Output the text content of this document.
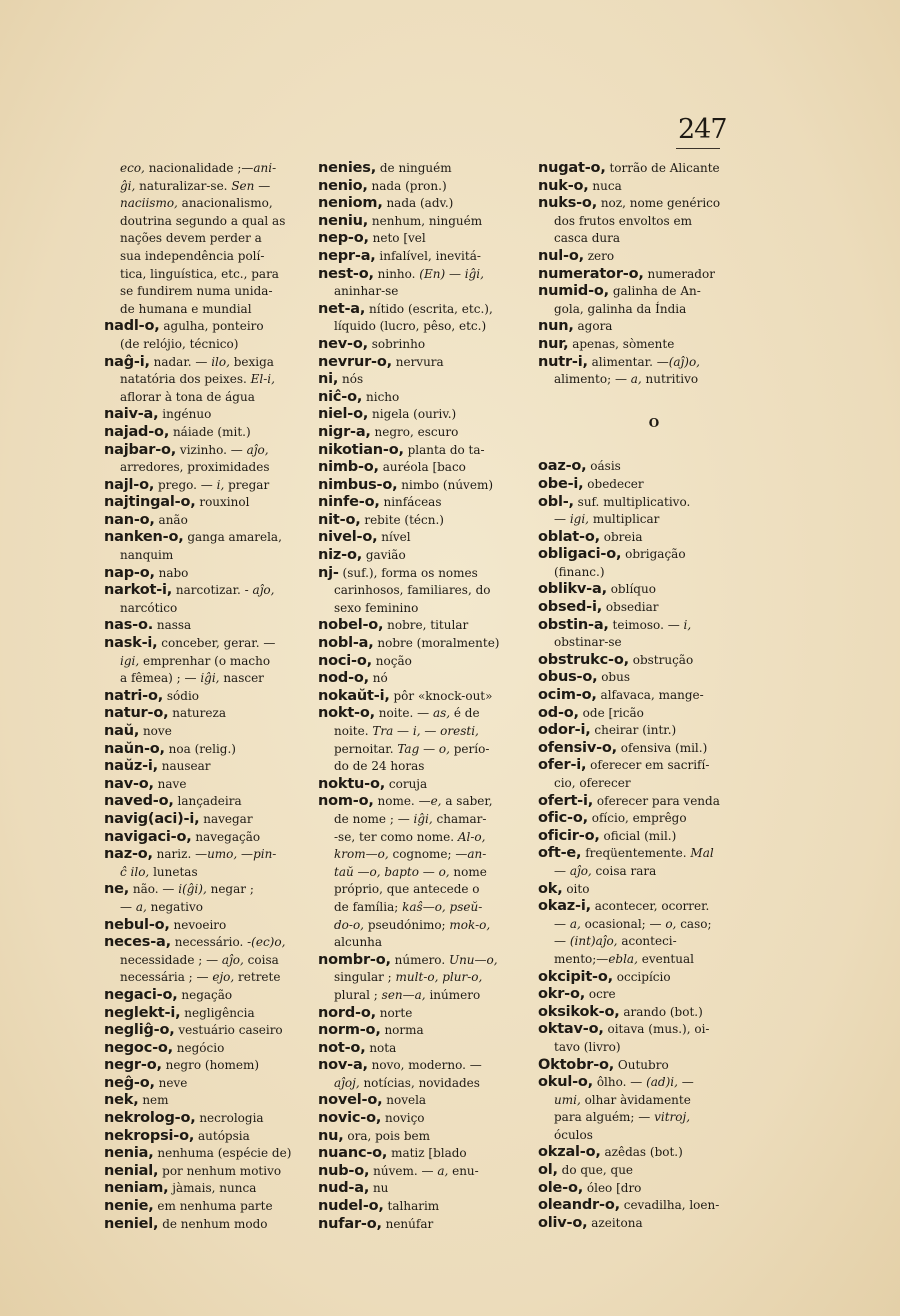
247
eco, nacionalidade ;—ani-
ĝi, naturalizar-se. Sen —
naciismo, anacionalismo,
doutrina segundo a qual as
nações devem perder a
sua independência polí-
tica, linguística, etc., para
se fundirem numa unida-
de humana e mundial
nadl-o, agulha, ponteiro
(de relójio, técnico)
naĝ-i, nadar. — ilo, bexiga
natatória dos peixes. El-i,
aflorar à tona de água
naiv-a, ingénuo
najad-o, náiade (mit.)
najbar-o, vizinho. — aĵo,
arredores, proximidades
najl-o, prego. — i, pregar
najtingal-o, rouxinol
nan-o, anão
nanken-o, ganga amarela,
nanquim
nap-o, nabo
narkot-i, narcotizar. - aĵo,
narcótico
nas-o. nassa
nask-i, conceber, gerar. —
igi, emprenhar (o macho
a fêmea) ; — iĝi, nascer
natri-o, sódio
natur-o, natureza
naŭ, nove
naŭn-o, noa (relig.)
naŭz-i, nausear
nav-o, nave
naved-o, lançadeira
navig(aci)-i, navegar
navigaci-o, navegação
naz-o, nariz. —umo, —pin-
ĉ ilo, lunetas
ne, não. — i(ĝi), negar ;
— a, negativo
nebul-o, nevoeiro
neces-a, necessário. -(ec)o,
necessidade ; — aĵo, coisa
necessária ; — ejo, retrete
negaci-o, negação
neglekt-i, negligência
negliĝ-o, vestuário caseiro
negoc-o, negócio
negr-o, negro (homem)
neĝ-o, neve
nek, nem
nekrolog-o, necrologia
nekropsi-o, autópsia
nenia, nenhuma (espécie de)
nenial, por nenhum motivo
neniam, jàmais, nunca
nenie, em nenhuma parte
neniel, de nenhum modo
nenies, de ninguém
nenio, nada (pron.)
neniom, nada (adv.)
neniu, nenhum, ninguém
nep-o, neto [vel
nepr-a, infalível, inevitá-
nest-o, ninho. (En) — iĝi,
aninhar-se
net-a, nítido (escrita, etc.),
líquido (lucro, pêso, etc.)
nev-o, sobrinho
nevrur-o, nervura
ni, nós
niĉ-o, nicho
niel-o, nigela (ouriv.)
nigr-a, negro, escuro
nikotian-o, planta do ta-
nimb-o, auréola [baco
nimbus-o, nimbo (núvem)
ninfe-o, ninfáceas
nit-o, rebite (técn.)
nivel-o, nível
niz-o, gavião
nj- (suf.), forma os nomes
carinhosos, familiares, do
sexo feminino
nobel-o, nobre, titular
nobl-a, nobre (moralmente)
noci-o, noção
nod-o, nó
nokaŭt-i, pôr «knock-out»
nokt-o, noite. — as, é de
noite. Tra — i, — oresti,
pernoitar. Tag — o, perío-
do de 24 horas
noktu-o, coruja
nom-o, nome. —e, a saber,
de nome ; — iĝi, chamar-
-se, ter como nome. Al-o,
krom—o, cognome; —an-
taŭ —o, bapto — o, nome
próprio, que antecede o
de família; kaŝ—o, pseŭ-
do-o, pseudónimo; mok-o,
alcunha
nombr-o, número. Unu—o,
singular ; mult-o, plur-o,
plural ; sen—a, inúmero
nord-o, norte
norm-o, norma
not-o, nota
nov-a, novo, moderno. —
aĵoj, notícias, novidades
novel-o, novela
novic-o, noviço
nu, ora, pois bem
nuanc-o, matiz [blado
nub-o, núvem. — a, enu-
nud-a, nu
nudel-o, talharim
nufar-o, nenúfar
nugat-o, torrão de Alicante
nuk-o, nuca
nuks-o, noz, nome genérico
dos frutos envoltos em
casca dura
nul-o, zero
numerator-o, numerador
numid-o, galinha de An-
gola, galinha da Índia
nun, agora
nur, apenas, sòmente
nutr-i, alimentar. —(aĵ)o,
alimento; — a, nutritivo
O
oaz-o, oásis
obe-i, obedecer
obl-, suf. multiplicativo.
— igi, multiplicar
oblat-o, obreia
obligaci-o, obrigação
(financ.)
oblikv-a, oblíquo
obsed-i, obsediar
obstin-a, teimoso. — i,
obstinar-se
obstrukc-o, obstrução
obus-o, obus
ocim-o, alfavaca, mange-
od-o, ode [ricão
odor-i, cheirar (intr.)
ofensiv-o, ofensiva (mil.)
ofer-i, oferecer em sacrifí-
cio, oferecer
ofert-i, oferecer para venda
ofic-o, ofício, emprêgo
oficir-o, oficial (mil.)
oft-e, freqüentemente. Mal
— aĵo, coisa rara
ok, oito
okaz-i, acontecer, ocorrer.
— a, ocasional; — o, caso;
— (int)aĵo, aconteci-
mento;—ebla, eventual
okcipit-o, occipício
okr-o, ocre
oksikok-o, arando (bot.)
oktav-o, oitava (mus.), oi-
tavo (livro)
Oktobr-o, Outubro
okul-o, ôlho. — (ad)i, —
umi, olhar àvidamente
para alguém; — vitroj,
óculos
okzal-o, azêdas (bot.)
ol, do que, que
ole-o, óleo [dro
oleandr-o, cevadilha, loen-
oliv-o, azeitona
